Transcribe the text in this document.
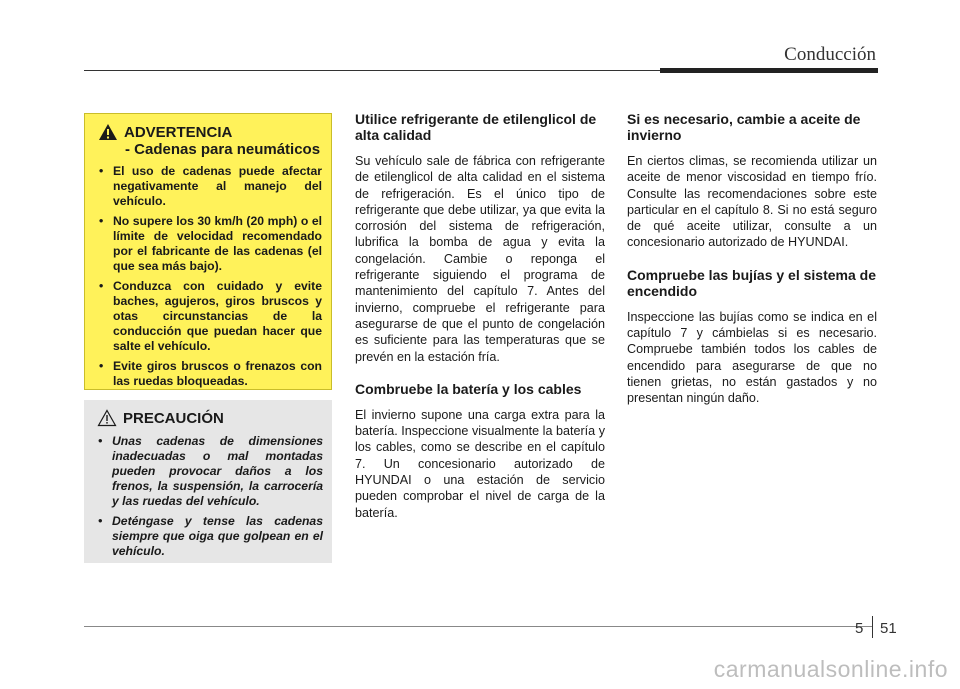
Conducción
ADVERTENCIA
- Cadenas para neumáticos
• El uso de cadenas puede afectar negativamente al manejo del vehículo.
• No supere los 30 km/h (20 mph) o el límite de velocidad recomendado por el fabricante de las cadenas (el que sea más bajo).
• Conduzca con cuidado y evite baches, agujeros, giros bruscos y otas circunstancias de la conducción que puedan hacer que salte el vehículo.
• Evite giros bruscos o frenazos con las ruedas bloqueadas.
PRECAUCIÓN
• Unas cadenas de dimensiones inadecuadas o mal montadas pueden provocar daños a los frenos, la suspensión, la carrocería y las ruedas del vehículo.
• Deténgase y tense las cadenas siempre que oiga que golpean en el vehículo.
Utilice refrigerante de etilenglicol de alta calidad

Su vehículo sale de fábrica con refrigerante de etilenglicol de alta calidad en el sistema de refrigeración. Es el único tipo de refrigerante que debe utilizar, ya que evita la corrosión del sistema de refrigeración, lubrifica la bomba de agua y evita la congelación. Cambie o reponga el refrigerante siguiendo el programa de mantenimiento del capítulo 7. Antes del invierno, compruebe el refrigerante para asegurarse de que el punto de congelación es suficiente para las temperaturas que se prevén en la estación fría.

Combruebe la batería y los cables

El invierno supone una carga extra para la batería. Inspeccione visualmente la batería y los cables, como se describe en el capítulo 7. Un concesionario autorizado de HYUNDAI o una estación de servicio pueden comprobar el nivel de carga de la batería.

Si es necesario, cambie a aceite de invierno

En ciertos climas, se recomienda utilizar un aceite de menor viscosidad en tiempo frío. Consulte las recomendaciones sobre este particular en el capítulo 8. Si no está seguro de qué aceite utilizar, consulte a un concesionario autorizado de HYUNDAI.

Compruebe las bujías y el sistema de encendido

Inspeccione las bujías como se indica en el capítulo 7 y cámbielas si es necesario. Compruebe también todos los cables de encendido para asegurarse de que no tienen grietas, no están gastados y no presentan ningún daño.

5 51
carmanualsonline.info
